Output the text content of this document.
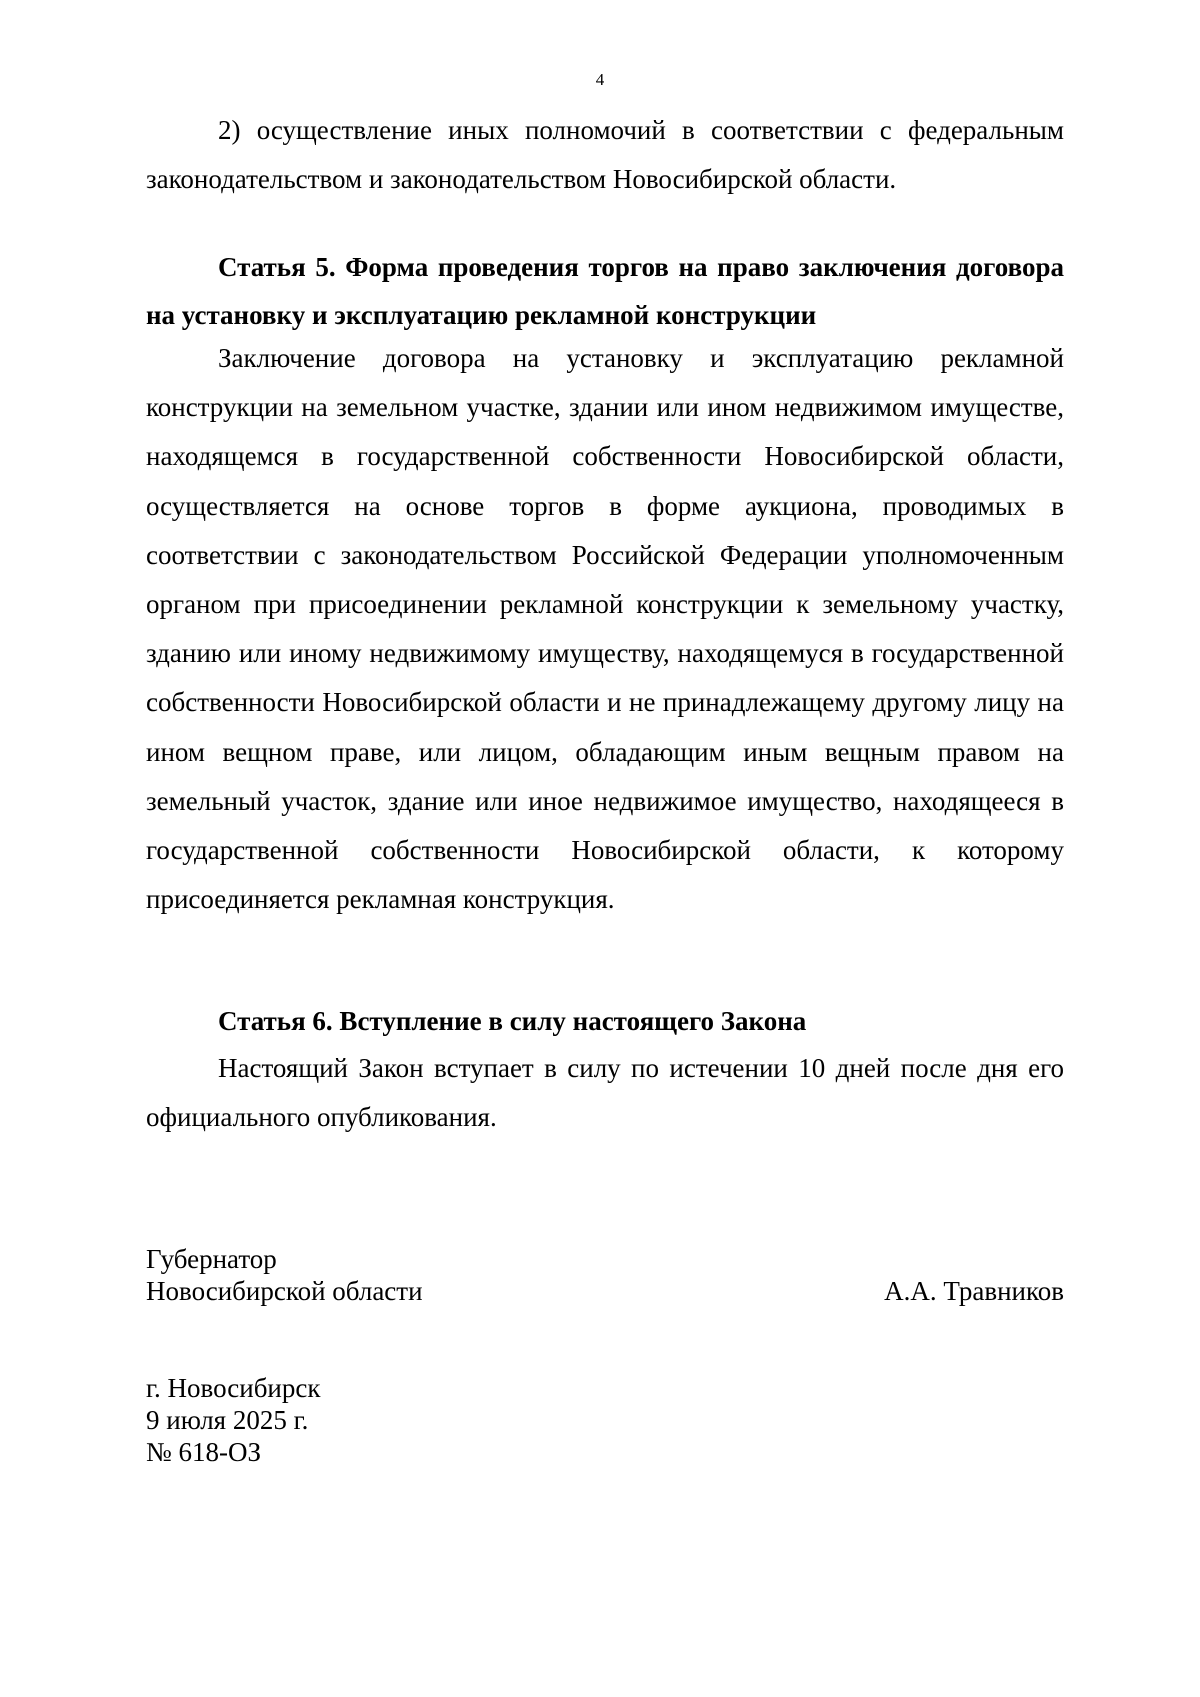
4

2) осуществление иных полномочий в соответствии с федеральным законодательством и законодательством Новосибирской области.

Статья 5. Форма проведения торгов на право заключения договора на установку и эксплуатацию рекламной конструкции

Заключение договора на установку и эксплуатацию рекламной конструкции на земельном участке, здании или ином недвижимом имуществе, находящемся в государственной собственности Новосибирской области, осуществляется на основе торгов в форме аукциона, проводимых в соответствии с законодательством Российской Федерации уполномоченным органом при присоединении рекламной конструкции к земельному участку, зданию или иному недвижимому имуществу, находящемуся в государственной собственности Новосибирской области и не принадлежащему другому лицу на ином вещном праве, или лицом, обладающим иным вещным правом на земельный участок, здание или иное недвижимое имущество, находящееся в государственной собственности Новосибирской области, к которому присоединяется рекламная конструкция.

Статья 6. Вступление в силу настоящего Закона

Настоящий Закон вступает в силу по истечении 10 дней после дня его официального опубликования.

Губернатор
Новосибирской области	А.А. Травников
г. Новосибирск
9 июля 2025 г.
№ 618-ОЗ
